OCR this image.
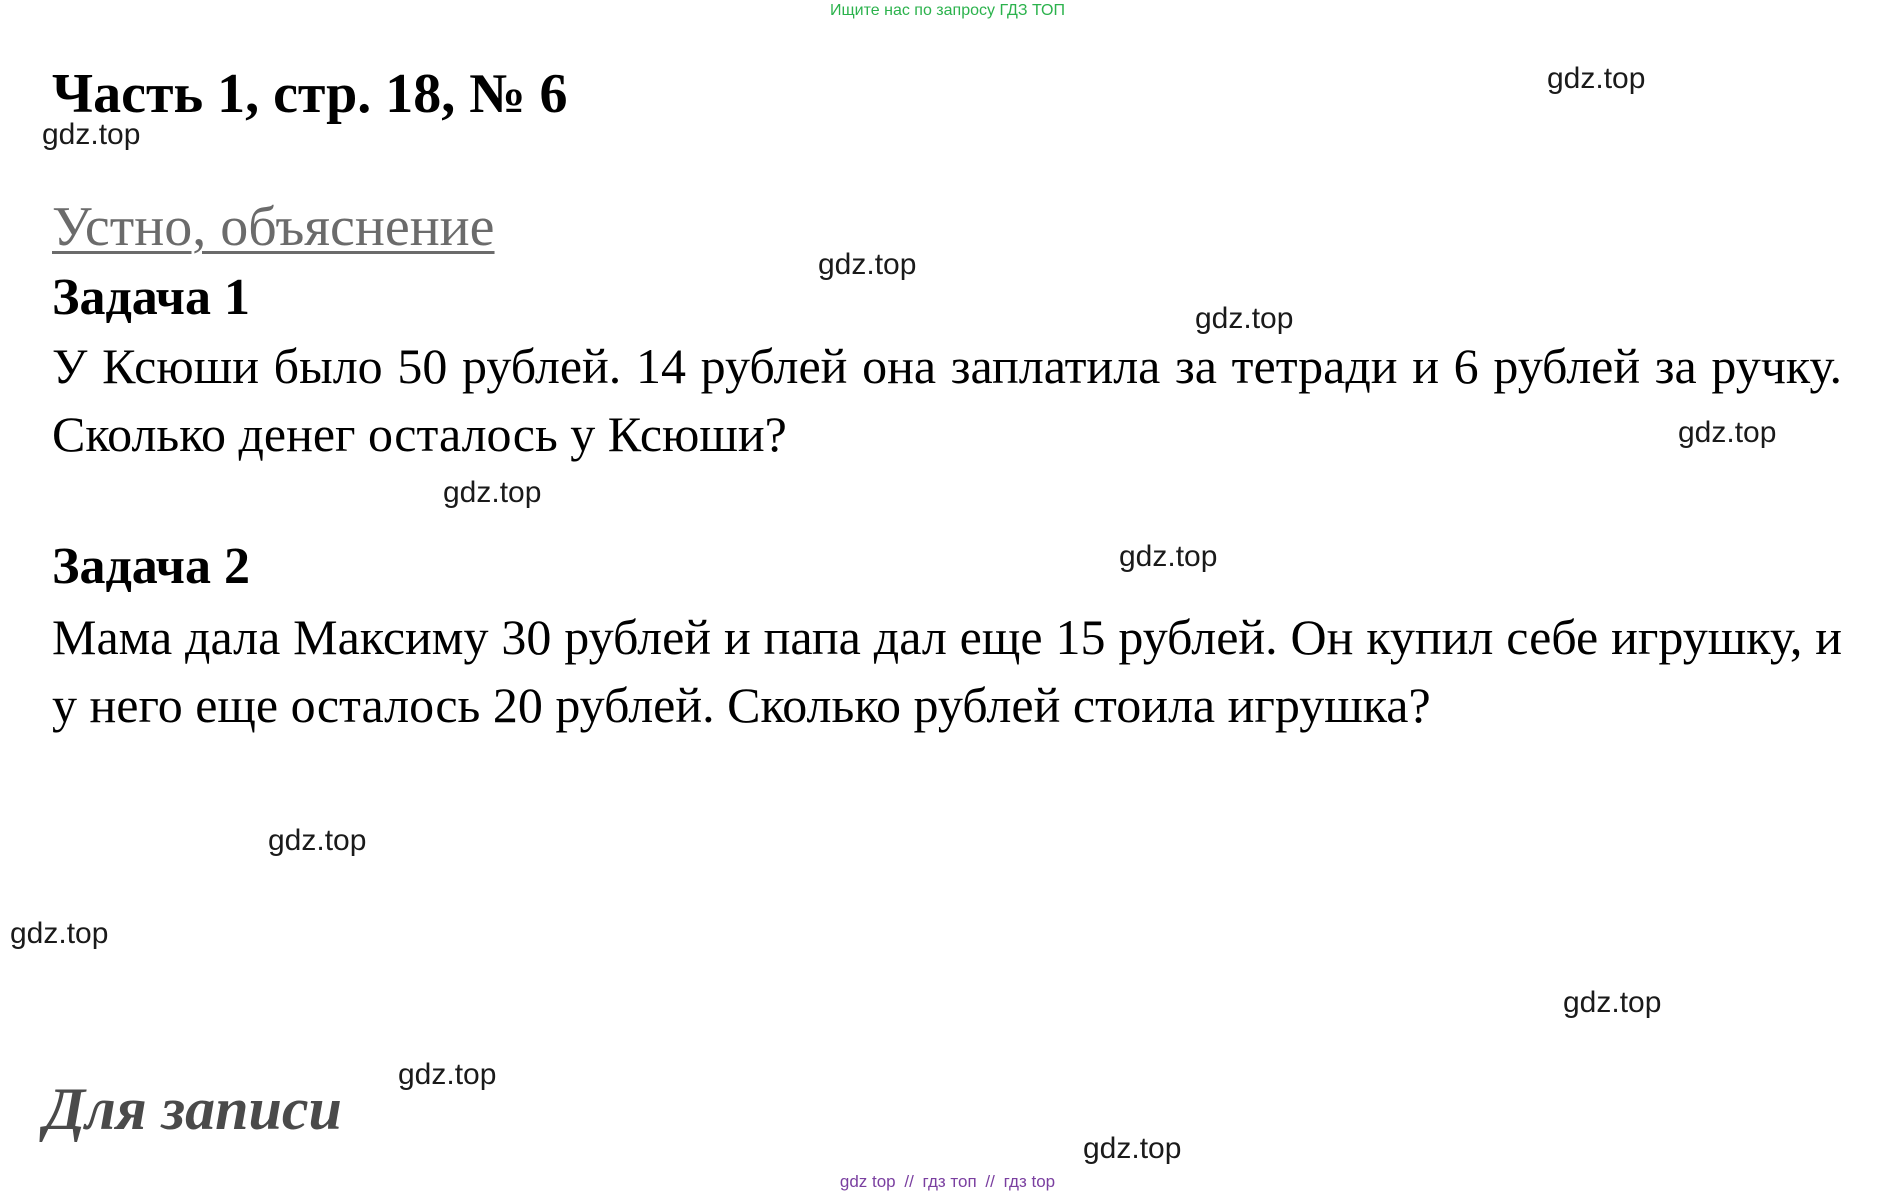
Ищите нас по запросу ГДЗ ТОП
Часть 1, стр. 18, № 6
Устно, объяснение
Задача 1
У Ксюши было 50 рублей. 14 рублей она заплатила за тетради и 6 рублей за ручку. Сколько денег осталось у Ксюши?
Задача 2
Мама дала Максиму 30 рублей и папа дал еще 15 рублей. Он купил себе игрушку, и у него еще осталось 20 рублей. Сколько рублей стоила игрушка?
Для записи
gdz.top
gdz.top
gdz.top
gdz.top
gdz.top
gdz.top
gdz.top
gdz.top
gdz.top
gdz.top
gdz.top
gdz.top
gdz top // гдз топ // гдз top
